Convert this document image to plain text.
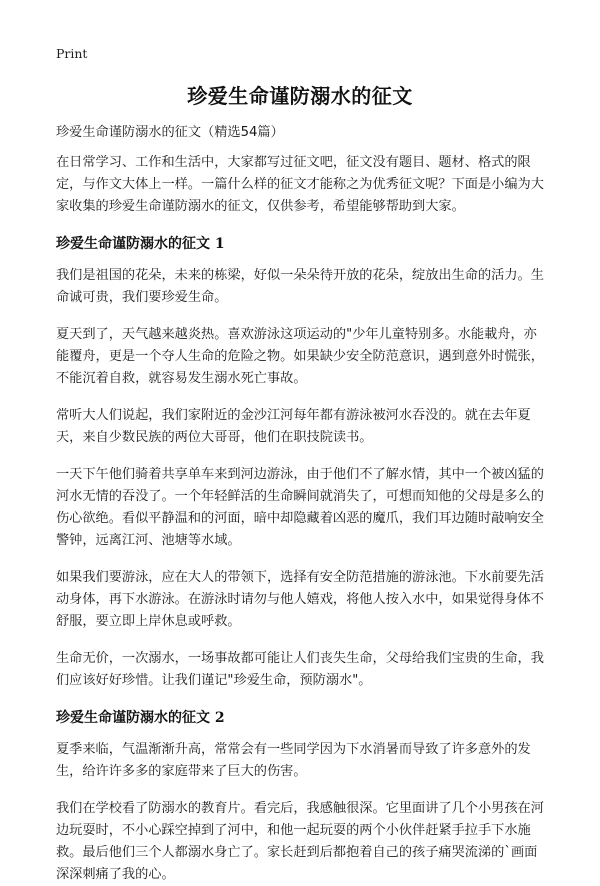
Print
珍爱生命谨防溺水的征文

珍爱生命谨防溺水的征文（精选54篇）

在日常学习、工作和生活中，大家都写过征文吧，征文没有题目、题材、格式的限定，与作文大体上一样。一篇什么样的征文才能称之为优秀征文呢？下面是小编为大家收集的珍爱生命谨防溺水的征文，仅供参考，希望能够帮助到大家。

珍爱生命谨防溺水的征文 1

我们是祖国的花朵，未来的栋梁，好似一朵朵待开放的花朵，绽放出生命的活力。生命诚可贵，我们要珍爱生命。

夏天到了，天气越来越炎热。喜欢游泳这项运动的"少年儿童特别多。水能載舟，亦能覆舟，更是一个夺人生命的危险之物。如果缺少安全防范意识，遇到意外时慌张，不能沉着自救，就容易发生溺水死亡事故。

常听大人们说起，我们家附近的金沙江河每年都有游泳被河水吞没的。就在去年夏天，来自少数民族的两位大哥哥，他们在职技院读书。

一天下午他们骑着共享单车来到河边游泳，由于他们不了解水情，其中一个被凶猛的河水无情的吞没了。一个年轻鲜活的生命瞬间就消失了，可想而知他的父母是多么的伤心欲绝。看似平静温和的河面，暗中却隐藏着凶恶的魔爪，我们耳边随时敲响安全警钟，远离江河、池塘等水域。

如果我们要游泳，应在大人的带领下，选择有安全防范措施的游泳池。下水前要先活动身体，再下水游泳。在游泳时请勿与他人嬉戏，将他人按入水中，如果觉得身体不舒服，要立即上岸休息或呼救。

生命无价，一次溺水，一场事故都可能让人们丧失生命，父母给我们宝贵的生命，我们应该好好珍惜。让我们谨记"珍爱生命，预防溺水"。

珍爱生命谨防溺水的征文 2

夏季来临，气温渐渐升高，常常会有一些同学因为下水消暑而导致了许多意外的发生，给许许多多的家庭带来了巨大的伤害。

我们在学校看了防溺水的教育片。看完后，我感触很深。它里面讲了几个小男孩在河边玩耍时，不小心踩空掉到了河中，和他一起玩耍的两个小伙伴赶紧手拉手下水施救。最后他们三个人都溺水身亡了。家长赶到后都抱着自己的孩子痛哭流涕的`画面深深刺痛了我的心。
